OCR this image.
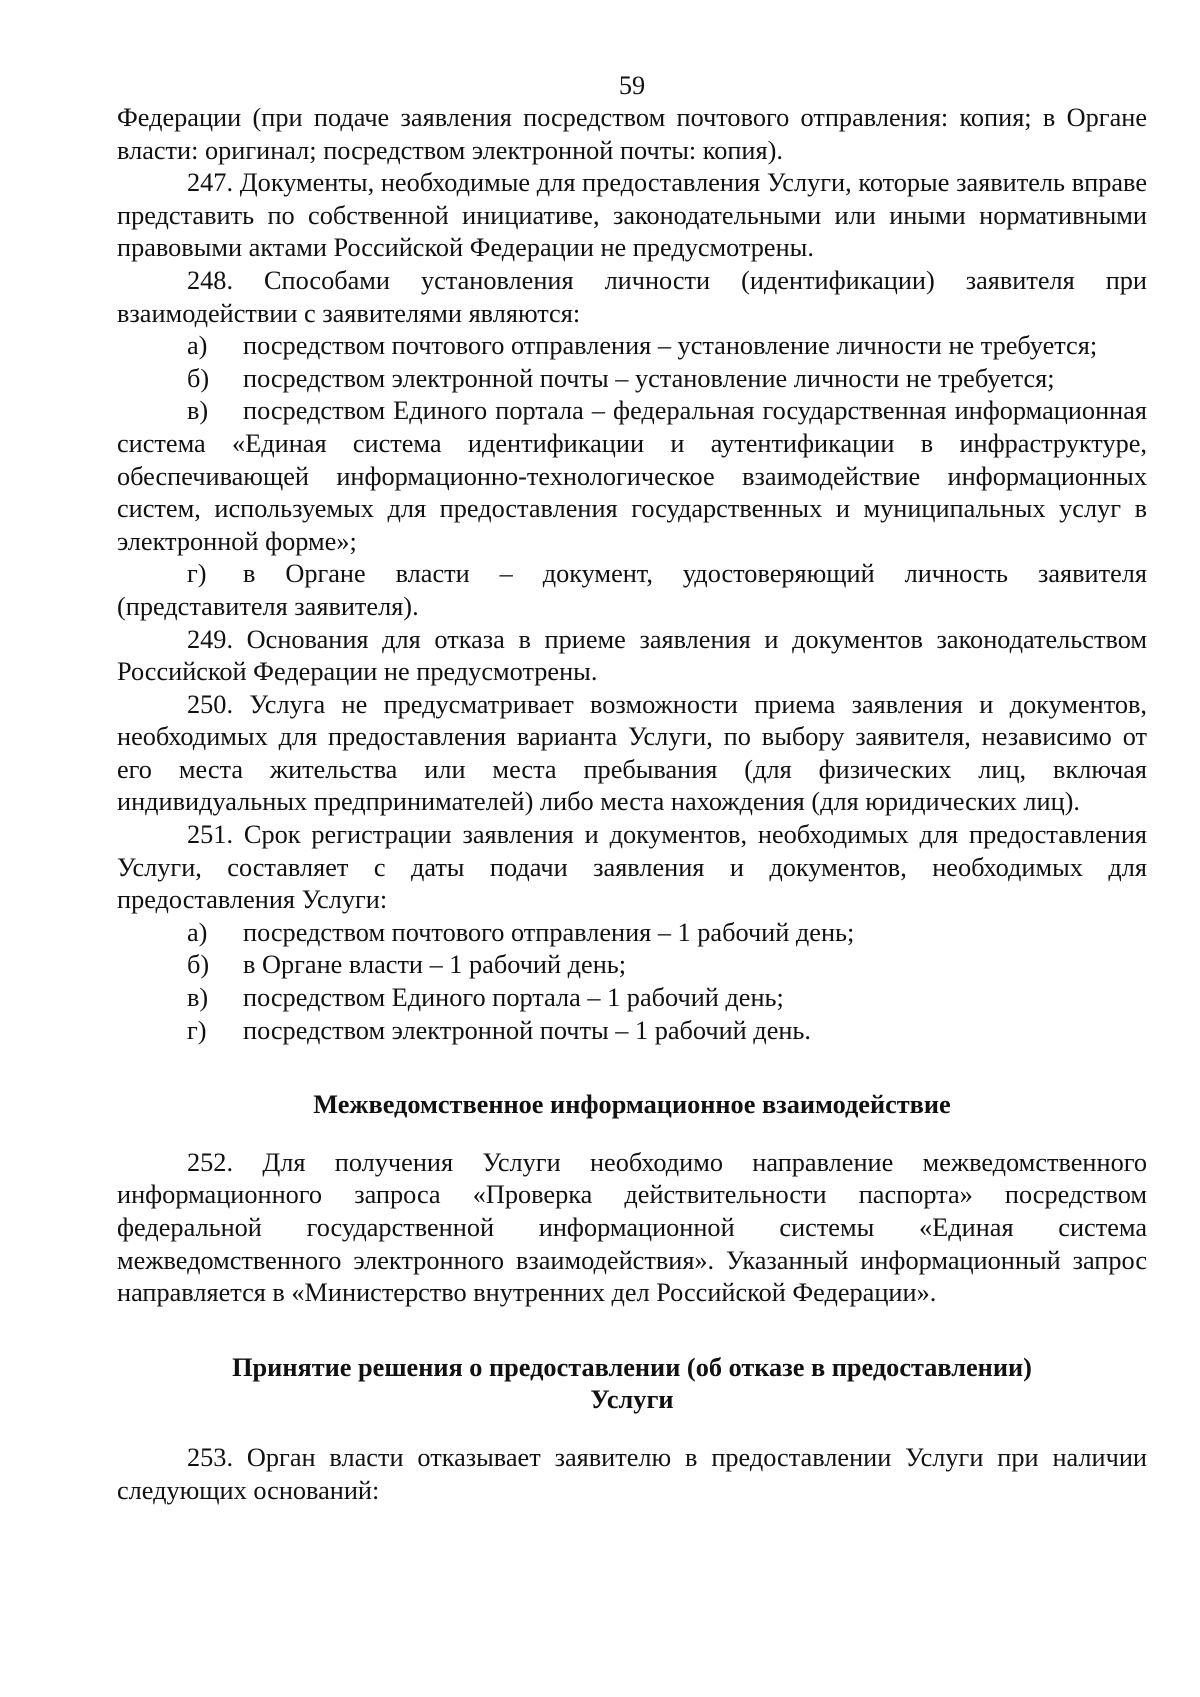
59

Федерации (при подаче заявления посредством почтового отправления: копия; в Органе власти: оригинал; посредством электронной почты: копия).

247. Документы, необходимые для предоставления Услуги, которые заявитель вправе представить по собственной инициативе, законодательными или иными нормативными правовыми актами Российской Федерации не предусмотрены.

248. Способами установления личности (идентификации) заявителя при взаимодействии с заявителями являются:

а) посредством почтового отправления – установление личности не требуется;

б) посредством электронной почты – установление личности не требуется;

в) посредством Единого портала – федеральная государственная информационная система «Единая система идентификации и аутентификации в инфраструктуре, обеспечивающей информационно-технологическое взаимодействие информационных систем, используемых для предоставления государственных и муниципальных услуг в электронной форме»;

г) в Органе власти – документ, удостоверяющий личность заявителя (представителя заявителя).

249. Основания для отказа в приеме заявления и документов законодательством Российской Федерации не предусмотрены.

250. Услуга не предусматривает возможности приема заявления и документов, необходимых для предоставления варианта Услуги, по выбору заявителя, независимо от его места жительства или места пребывания (для физических лиц, включая индивидуальных предпринимателей) либо места нахождения (для юридических лиц).

251. Срок регистрации заявления и документов, необходимых для предоставления Услуги, составляет с даты подачи заявления и документов, необходимых для предоставления Услуги:

а) посредством почтового отправления – 1 рабочий день;

б) в Органе власти – 1 рабочий день;

в) посредством Единого портала – 1 рабочий день;

г) посредством электронной почты – 1 рабочий день.

Межведомственное информационное взаимодействие

252. Для получения Услуги необходимо направление межведомственного информационного запроса «Проверка действительности паспорта» посредством федеральной государственной информационной системы «Единая система межведомственного электронного взаимодействия». Указанный информационный запрос направляется в «Министерство внутренних дел Российской Федерации».

Принятие решения о предоставлении (об отказе в предоставлении)

Услуги

253. Орган власти отказывает заявителю в предоставлении Услуги при наличии следующих оснований:
